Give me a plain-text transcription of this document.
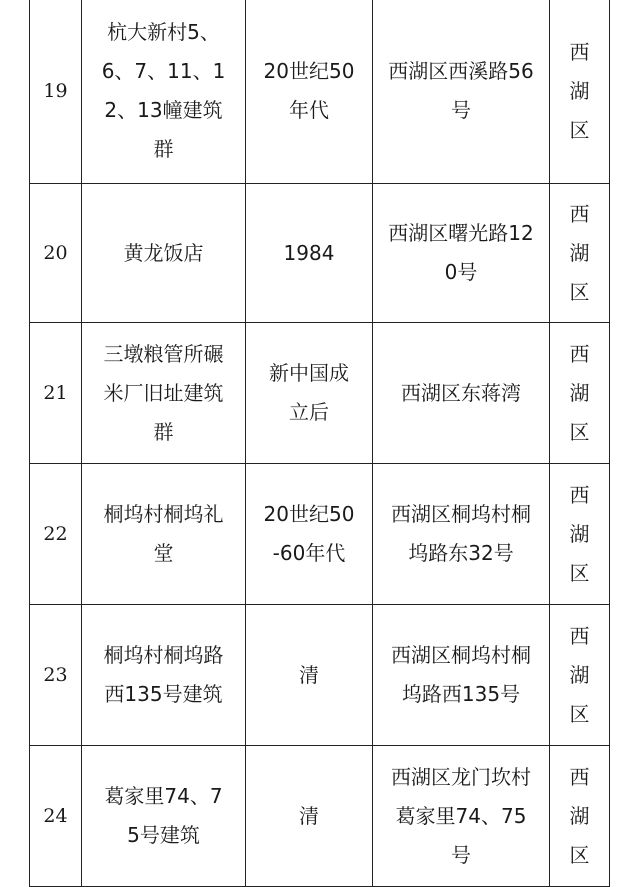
19	杭大新村5、6、7、11、12、13幢建筑群	20世纪50年代	西湖区西溪路56号	西湖区

20	黄龙饭店	1984	西湖区曙光路120号	西湖区

21	三墩粮管所碾米厂旧址建筑群	新中国成立后	西湖区东蒋湾	西湖区

22	桐坞村桐坞礼堂	20世纪50-60年代	西湖区桐坞村桐坞路东32号	西湖区

23	桐坞村桐坞路西135号建筑	清	西湖区桐坞村桐坞路西135号	西湖区

24	葛家里74、75号建筑	清	西湖区龙门坎村葛家里74、75号	西湖区
